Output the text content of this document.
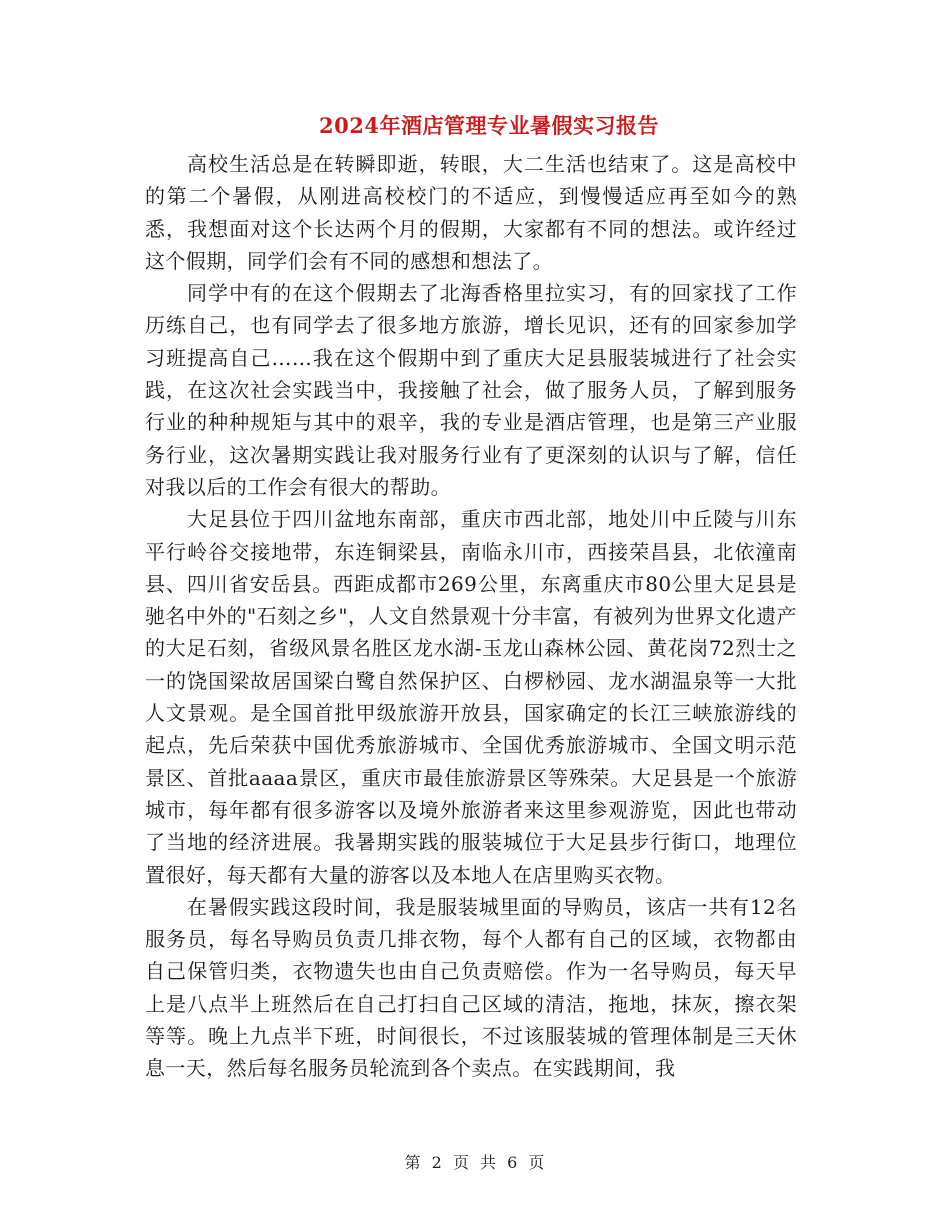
2024年酒店管理专业暑假实习报告

高校生活总是在转瞬即逝，转眼，大二生活也结束了。这是高校中的第二个暑假，从刚进高校校门的不适应，到慢慢适应再至如今的熟悉，我想面对这个长达两个月的假期，大家都有不同的想法。或许经过这个假期，同学们会有不同的感想和想法了。

同学中有的在这个假期去了北海香格里拉实习，有的回家找了工作历练自己，也有同学去了很多地方旅游，增长见识，还有的回家参加学习班提高自己……我在这个假期中到了重庆大足县服装城进行了社会实践，在这次社会实践当中，我接触了社会，做了服务人员，了解到服务行业的种种规矩与其中的艰辛，我的专业是酒店管理，也是第三产业服务行业，这次暑期实践让我对服务行业有了更深刻的认识与了解，信任对我以后的工作会有很大的帮助。

大足县位于四川盆地东南部，重庆市西北部，地处川中丘陵与川东平行岭谷交接地带，东连铜梁县，南临永川市，西接荣昌县，北依潼南县、四川省安岳县。西距成都市269公里，东离重庆市80公里大足县是驰名中外的"石刻之乡"，人文自然景观十分丰富，有被列为世界文化遗产的大足石刻，省级风景名胜区龙水湖-玉龙山森林公园、黄花岗72烈士之一的饶国梁故居国梁白鹭自然保护区、白椤桫园、龙水湖温泉等一大批人文景观。是全国首批甲级旅游开放县，国家确定的长江三峡旅游线的起点，先后荣获中国优秀旅游城市、全国优秀旅游城市、全国文明示范景区、首批aaaa景区，重庆市最佳旅游景区等殊荣。大足县是一个旅游城市，每年都有很多游客以及境外旅游者来这里参观游览，因此也带动了当地的经济进展。我暑期实践的服装城位于大足县步行街口，地理位置很好，每天都有大量的游客以及本地人在店里购买衣物。

在暑假实践这段时间，我是服装城里面的导购员，该店一共有12名服务员，每名导购员负责几排衣物，每个人都有自己的区域，衣物都由自己保管归类，衣物遗失也由自己负责赔偿。作为一名导购员，每天早上是八点半上班然后在自己打扫自己区域的清洁，拖地，抹灰，擦衣架等等。晚上九点半下班，时间很长，不过该服装城的管理体制是三天休息一天，然后每名服务员轮流到各个卖点。在实践期间，我

第 2 页 共 6 页
